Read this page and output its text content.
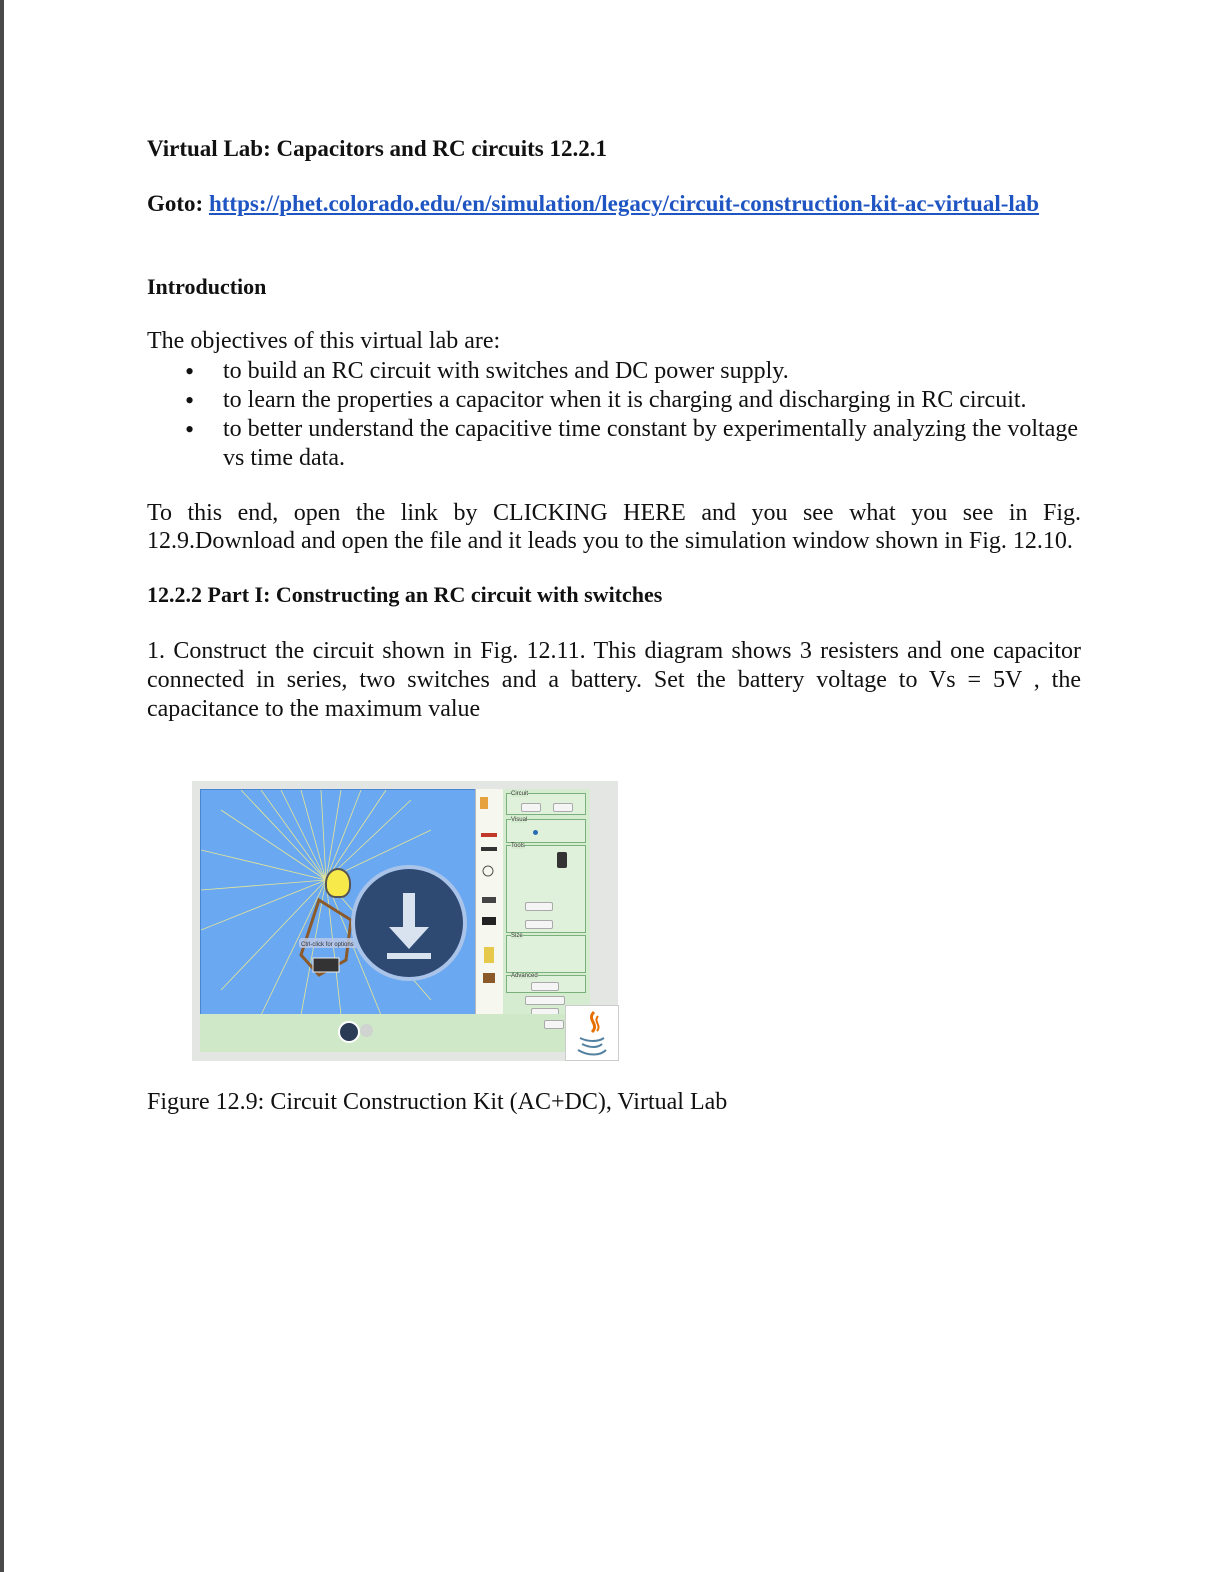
Virtual Lab: Capacitors and RC circuits 12.2.1
Goto: https://phet.colorado.edu/en/simulation/legacy/circuit-construction-kit-ac-virtual-lab
Introduction
The objectives of this virtual lab are:
• to build an RC circuit with switches and DC power supply.
• to learn the properties a capacitor when it is charging and discharging in RC circuit.
• to better understand the capacitive time constant by experimentally analyzing the voltage vs time data.
To this end, open the link by CLICKING HERE and you see what you see in Fig. 12.9.Download and open the file and it leads you to the simulation window shown in Fig. 12.10.
12.2.2 Part I: Constructing an RC circuit with switches
1. Construct the circuit shown in Fig. 12.11. This diagram shows 3 resisters and one capacitor connected in series, two switches and a battery. Set the battery voltage to Vs = 5V , the capacitance to the maximum value
Figure 12.9: Circuit Construction Kit (AC+DC), Virtual Lab
Ctrl-click for options
Circuit
Visual
Tools
Size
Advanced
